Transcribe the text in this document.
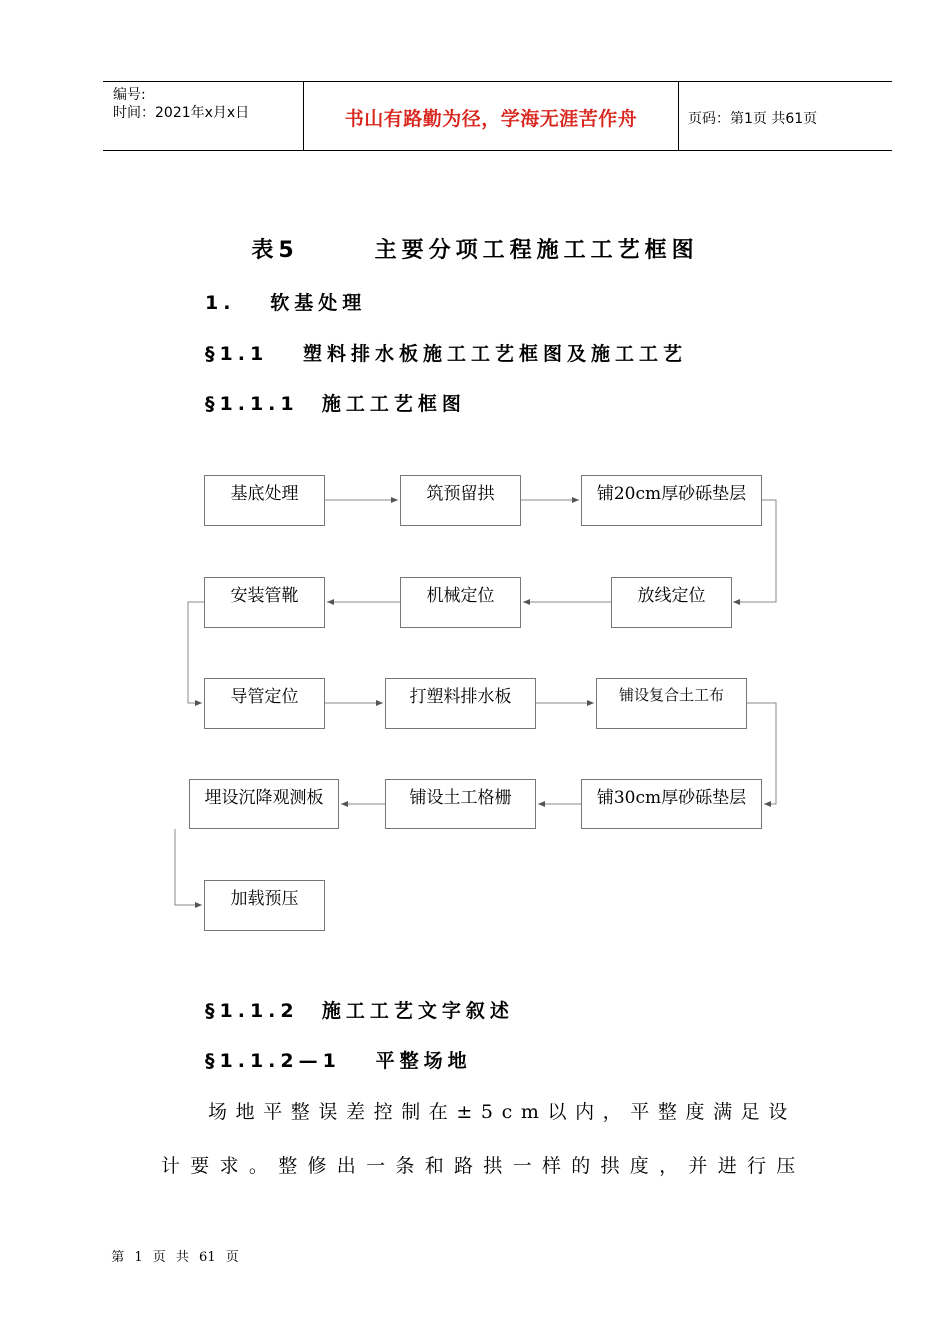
编号:
时间：2021年x月x日	书山有路勤为径，学海无涯苦作舟	页码：第1页 共61页
表5      主要分项工程施工工艺框图
1.   软基处理
§1.1   塑料排水板施工工艺框图及施工工艺
§1.1.1  施工工艺框图
基底处理	筑预留拱	铺20cm厚砂砾垫层
安装管靴	机械定位	放线定位
导管定位	打塑料排水板	铺设复合土工布
埋设沉降观测板	铺设土工格栅	铺30cm厚砂砾垫层
加载预压
§1.1.2  施工工艺文字叙述
§1.1.2—1   平整场地
场地平整误差控制在±5cm以内，平整度满足设
计要求。整修出一条和路拱一样的拱度，并进行压
第 1 页 共 61 页
